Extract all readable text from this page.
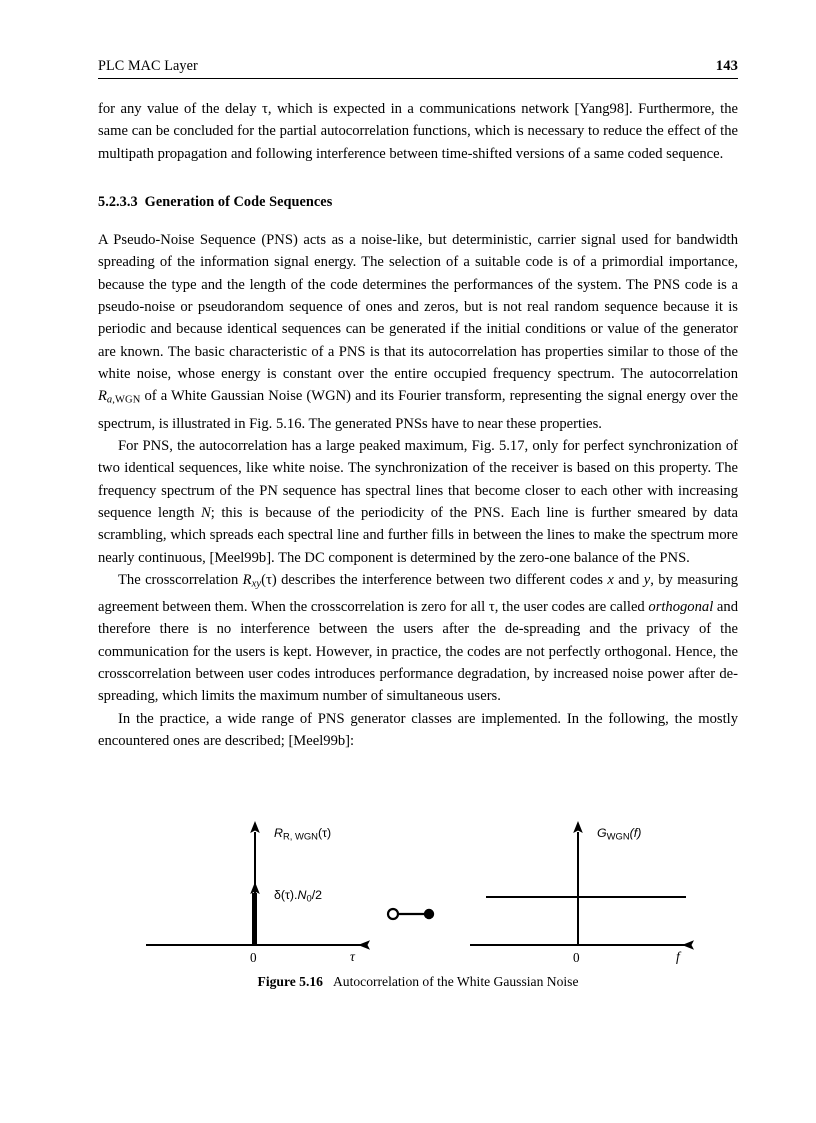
PLC MAC Layer	143

for any value of the delay τ, which is expected in a communications network [Yang98]. Furthermore, the same can be concluded for the partial autocorrelation functions, which is necessary to reduce the effect of the multipath propagation and following interference between time-shifted versions of a same coded sequence.

5.2.3.3 Generation of Code Sequences

A Pseudo-Noise Sequence (PNS) acts as a noise-like, but deterministic, carrier signal used for bandwidth spreading of the information signal energy. The selection of a suitable code is of a primordial importance, because the type and the length of the code determines the performances of the system. The PNS code is a pseudo-noise or pseudorandom sequence of ones and zeros, but is not real random sequence because it is periodic and because identical sequences can be generated if the initial conditions or value of the generator are known. The basic characteristic of a PNS is that its autocorrelation has properties similar to those of the white noise, whose energy is constant over the entire occupied frequency spectrum. The autocorrelation Ra,WGN of a White Gaussian Noise (WGN) and its Fourier transform, representing the signal energy over the spectrum, is illustrated in Fig. 5.16. The generated PNSs have to near these properties.

For PNS, the autocorrelation has a large peaked maximum, Fig. 5.17, only for perfect synchronization of two identical sequences, like white noise. The synchronization of the receiver is based on this property. The frequency spectrum of the PN sequence has spectral lines that become closer to each other with increasing sequence length N; this is because of the periodicity of the PNS. Each line is further smeared by data scrambling, which spreads each spectral line and further fills in between the lines to make the spectrum more nearly continuous, [Meel99b]. The DC component is determined by the zero-one balance of the PNS.

The crosscorrelation Rxy(τ) describes the interference between two different codes x and y, by measuring agreement between them. When the crosscorrelation is zero for all τ, the user codes are called orthogonal and therefore there is no interference between the users after the de-spreading and the privacy of the communication for the users is kept. However, in practice, the codes are not perfectly orthogonal. Hence, the crosscorrelation between user codes introduces performance degradation, by increased noise power after de-spreading, which limits the maximum number of simultaneous users.

In the practice, a wide range of PNS generator classes are implemented. In the following, the mostly encountered ones are described; [Meel99b]:

$R_{R, WGN}(\tau)$
$\delta(\tau).N_0/2$
0	τ
$G_{WGN}(f)$
0	f
Figure 5.16 Autocorrelation of the White Gaussian Noise
